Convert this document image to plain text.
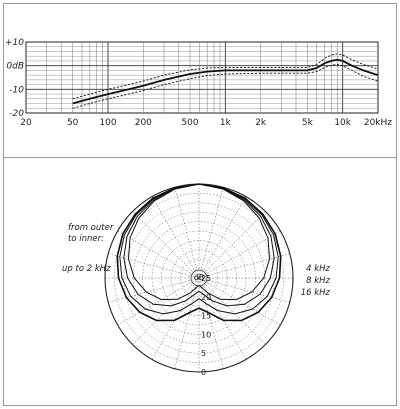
20	50 100 200	500 1k	2k	5k 10k 20kHz
+10
0dB
-10
-20
dB
25
20
15
10
5
0
from outer
to inner:
up to 2 kHz	4 kHz
8 kHz
16 kHz
